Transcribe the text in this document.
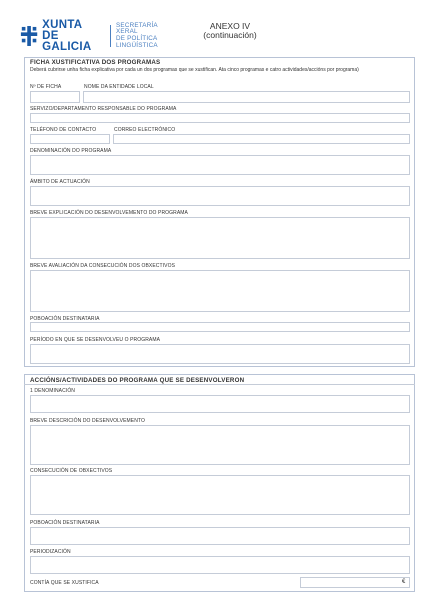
XUNTA
DE GALICIA
SECRETARÍA XERAL
DE POLÍTICA
LINGÜÍSTICA
ANEXO IV
(continuación)
FICHA XUSTIFICATIVA DOS PROGRAMAS
Deberá cubrirse unha ficha explicativa por cada un dos programas que se xustifican. Ata cinco programas e catro actividades/accións por programa)
Nº DE FICHA	NOME DA ENTIDADE LOCAL
SERVIZO/DEPARTAMENTO RESPONSABLE DO PROGRAMA
TELÉFONO DE CONTACTO	CORREO ELECTRÓNICO
DENOMINACIÓN DO PROGRAMA
ÁMBITO DE ACTUACIÓN
BREVE EXPLICACIÓN DO DESENVOLVEMENTO DO PROGRAMA
BREVE AVALIACIÓN DA CONSECUCIÓN DOS OBXECTIVOS
POBOACIÓN DESTINATARIA
PERÍODO EN QUE SE DESENVOLVEU O PROGRAMA
ACCIÓNS/ACTIVIDADES DO PROGRAMA QUE SE DESENVOLVERON
1 DENOMINACIÓN
BREVE DESCRICIÓN DO DESENVOLVEMENTO
CONSECUCIÓN DE OBXECTIVOS
POBOACIÓN DESTINATARIA
PERIODIZACIÓN
CONTÍA QUE SE XUSTIFICA	€
